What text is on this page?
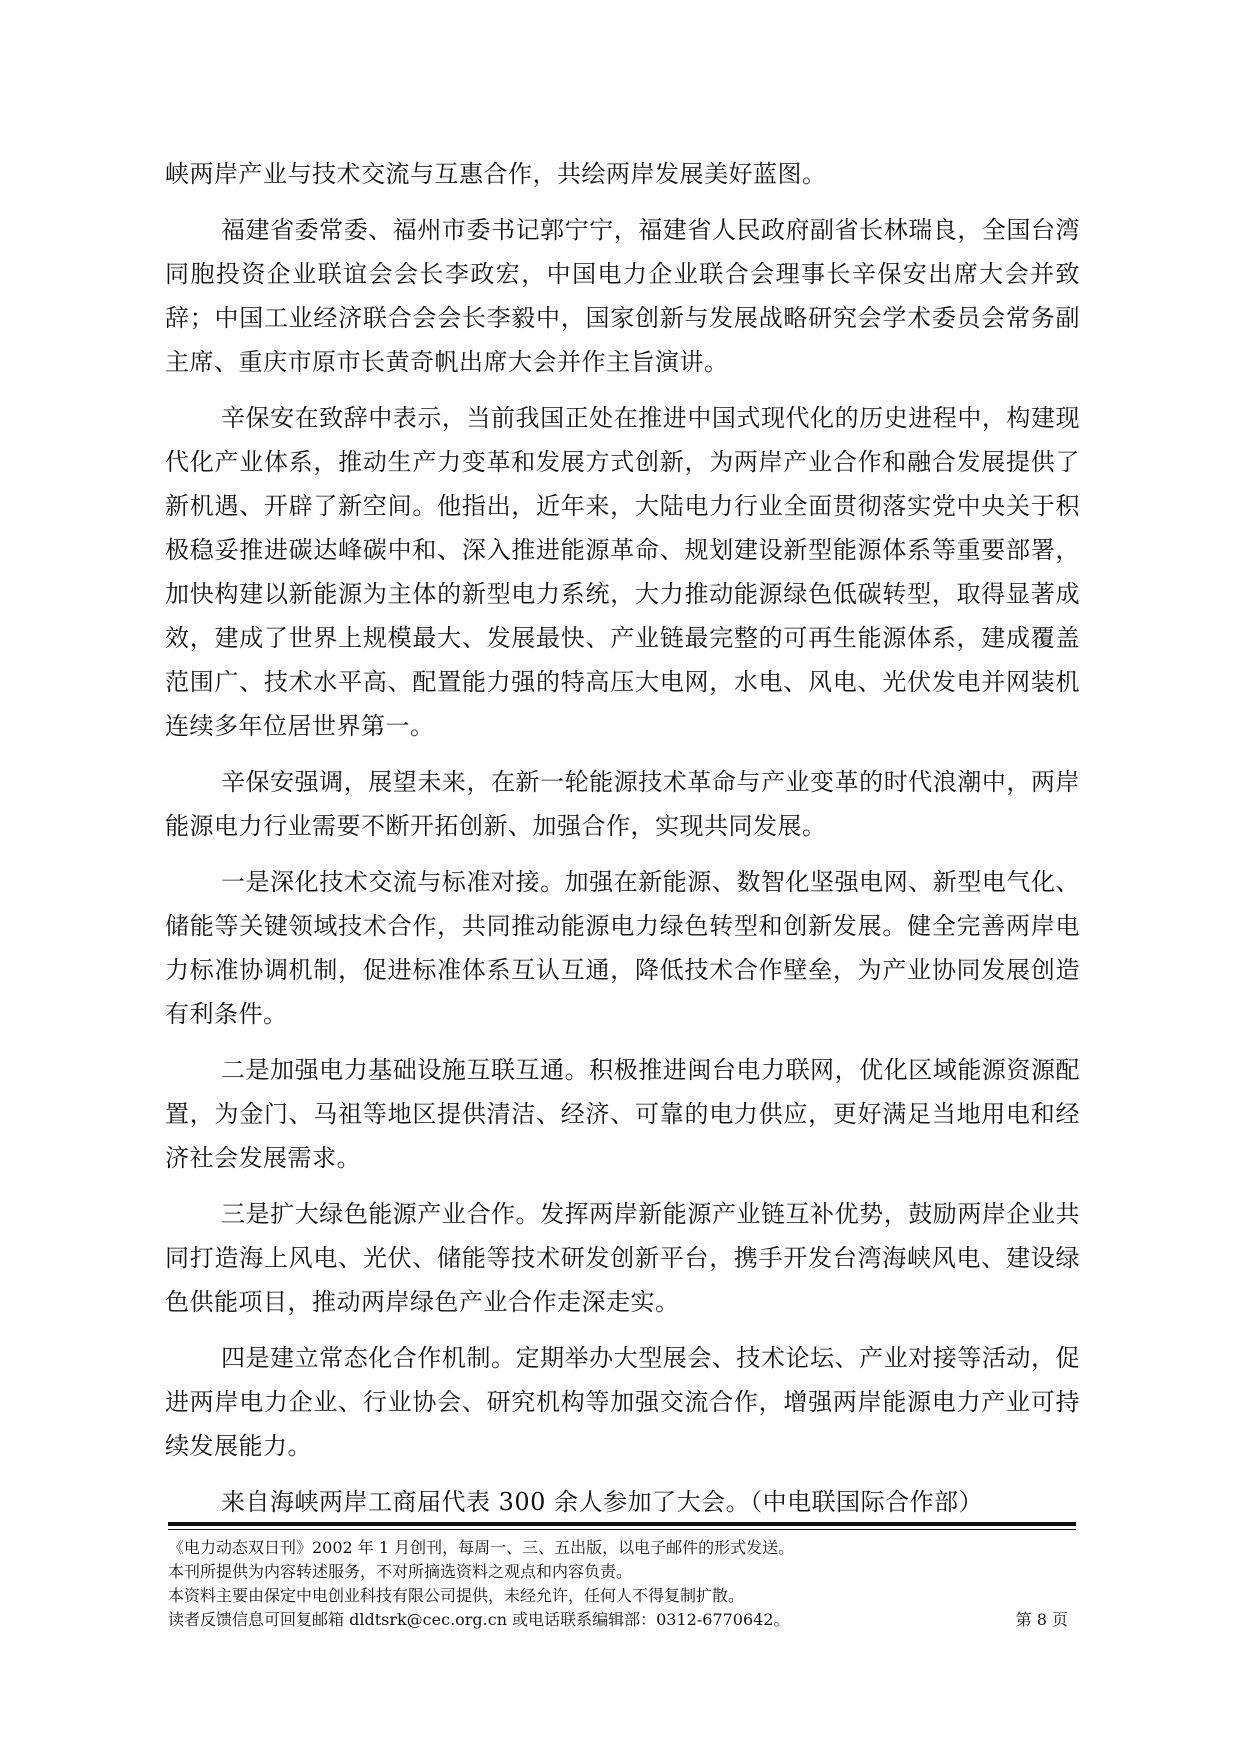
峡两岸产业与技术交流与互惠合作，共绘两岸发展美好蓝图。

福建省委常委、福州市委书记郭宁宁，福建省人民政府副省长林瑞良，全国台湾同胞投资企业联谊会会长李政宏，中国电力企业联合会理事长辛保安出席大会并致辞；中国工业经济联合会会长李毅中，国家创新与发展战略研究会学术委员会常务副主席、重庆市原市长黄奇帆出席大会并作主旨演讲。

辛保安在致辞中表示，当前我国正处在推进中国式现代化的历史进程中，构建现代化产业体系，推动生产力变革和发展方式创新，为两岸产业合作和融合发展提供了新机遇、开辟了新空间。他指出，近年来，大陆电力行业全面贯彻落实党中央关于积极稳妥推进碳达峰碳中和、深入推进能源革命、规划建设新型能源体系等重要部署，加快构建以新能源为主体的新型电力系统，大力推动能源绿色低碳转型，取得显著成效，建成了世界上规模最大、发展最快、产业链最完整的可再生能源体系，建成覆盖范围广、技术水平高、配置能力强的特高压大电网，水电、风电、光伏发电并网装机连续多年位居世界第一。

辛保安强调，展望未来，在新一轮能源技术革命与产业变革的时代浪潮中，两岸能源电力行业需要不断开拓创新、加强合作，实现共同发展。

一是深化技术交流与标准对接。加强在新能源、数智化坚强电网、新型电气化、储能等关键领域技术合作，共同推动能源电力绿色转型和创新发展。健全完善两岸电力标准协调机制，促进标准体系互认互通，降低技术合作壁垒，为产业协同发展创造有利条件。

二是加强电力基础设施互联互通。积极推进闽台电力联网，优化区域能源资源配置，为金门、马祖等地区提供清洁、经济、可靠的电力供应，更好满足当地用电和经济社会发展需求。

三是扩大绿色能源产业合作。发挥两岸新能源产业链互补优势，鼓励两岸企业共同打造海上风电、光伏、储能等技术研发创新平台，携手开发台湾海峡风电、建设绿色供能项目，推动两岸绿色产业合作走深走实。

四是建立常态化合作机制。定期举办大型展会、技术论坛、产业对接等活动，促进两岸电力企业、行业协会、研究机构等加强交流合作，增强两岸能源电力产业可持续发展能力。

来自海峡两岸工商届代表 300 余人参加了大会。（中电联国际合作部）

《电力动态双日刊》2002 年 1 月创刊，每周一、三、五出版，以电子邮件的形式发送。

本刊所提供为内容转述服务，不对所摘选资料之观点和内容负责。

本资料主要由保定中电创业科技有限公司提供，未经允许，任何人不得复制扩散。

读者反馈信息可回复邮箱 dldtsrk@cec.org.cn 或电话联系编辑部：0312-6770642。	第 8 页
